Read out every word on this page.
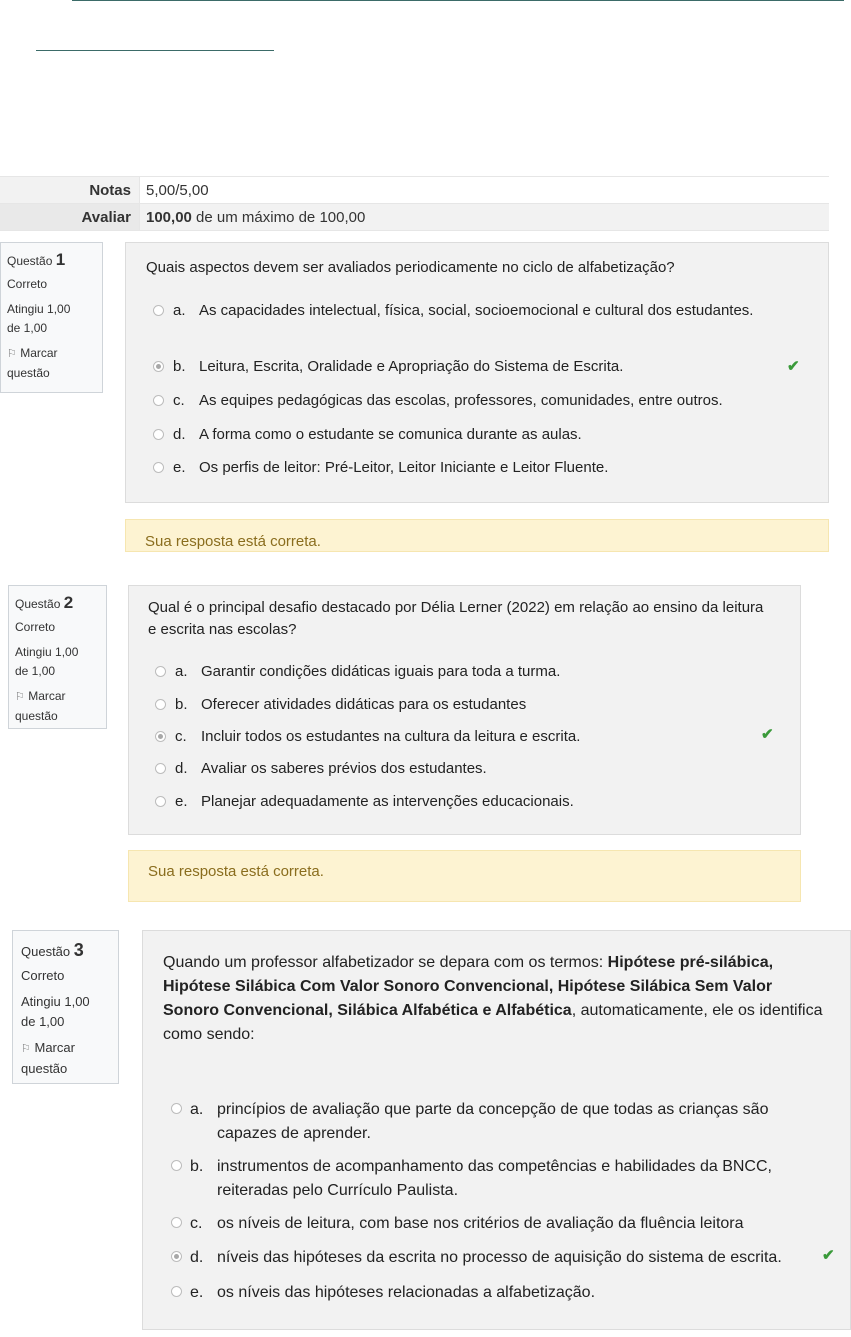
Notas	5,00/5,00
Avaliar	100,00 de um máximo de 100,00
Questão 1
Correto
Atingiu 1,00 de 1,00
⚐ Marcar questão
Quais aspectos devem ser avaliados periodicamente no ciclo de alfabetização?
a. As capacidades intelectual, física, social, socioemocional e cultural dos estudantes.
b. Leitura, Escrita, Oralidade e Apropriação do Sistema de Escrita.	✔
c. As equipes pedagógicas das escolas, professores, comunidades, entre outros.
d. A forma como o estudante se comunica durante as aulas.
e. Os perfis de leitor: Pré-Leitor, Leitor Iniciante e Leitor Fluente.
Sua resposta está correta.
Questão 2
Correto
Atingiu 1,00 de 1,00
⚐ Marcar questão
Qual é o principal desafio destacado por Délia Lerner (2022) em relação ao ensino da leitura e escrita nas escolas?
a. Garantir condições didáticas iguais para toda a turma.
b. Oferecer atividades didáticas para os estudantes
c. Incluir todos os estudantes na cultura da leitura e escrita.	✔
d. Avaliar os saberes prévios dos estudantes.
e. Planejar adequadamente as intervenções educacionais.
Sua resposta está correta.
Questão 3
Correto
Atingiu 1,00 de 1,00
⚐ Marcar questão
Quando um professor alfabetizador se depara com os termos: Hipótese pré-silábica, Hipótese Silábica Com Valor Sonoro Convencional, Hipótese Silábica Sem Valor Sonoro Convencional, Silábica Alfabética e Alfabética, automaticamente, ele os identifica como sendo:
a. princípios de avaliação que parte da concepção de que todas as crianças são capazes de aprender.
b. instrumentos de acompanhamento das competências e habilidades da BNCC, reiteradas pelo Currículo Paulista.
c. os níveis de leitura, com base nos critérios de avaliação da fluência leitora
d. níveis das hipóteses da escrita no processo de aquisição do sistema de escrita.	✔
e. os níveis das hipóteses relacionadas a alfabetização.
